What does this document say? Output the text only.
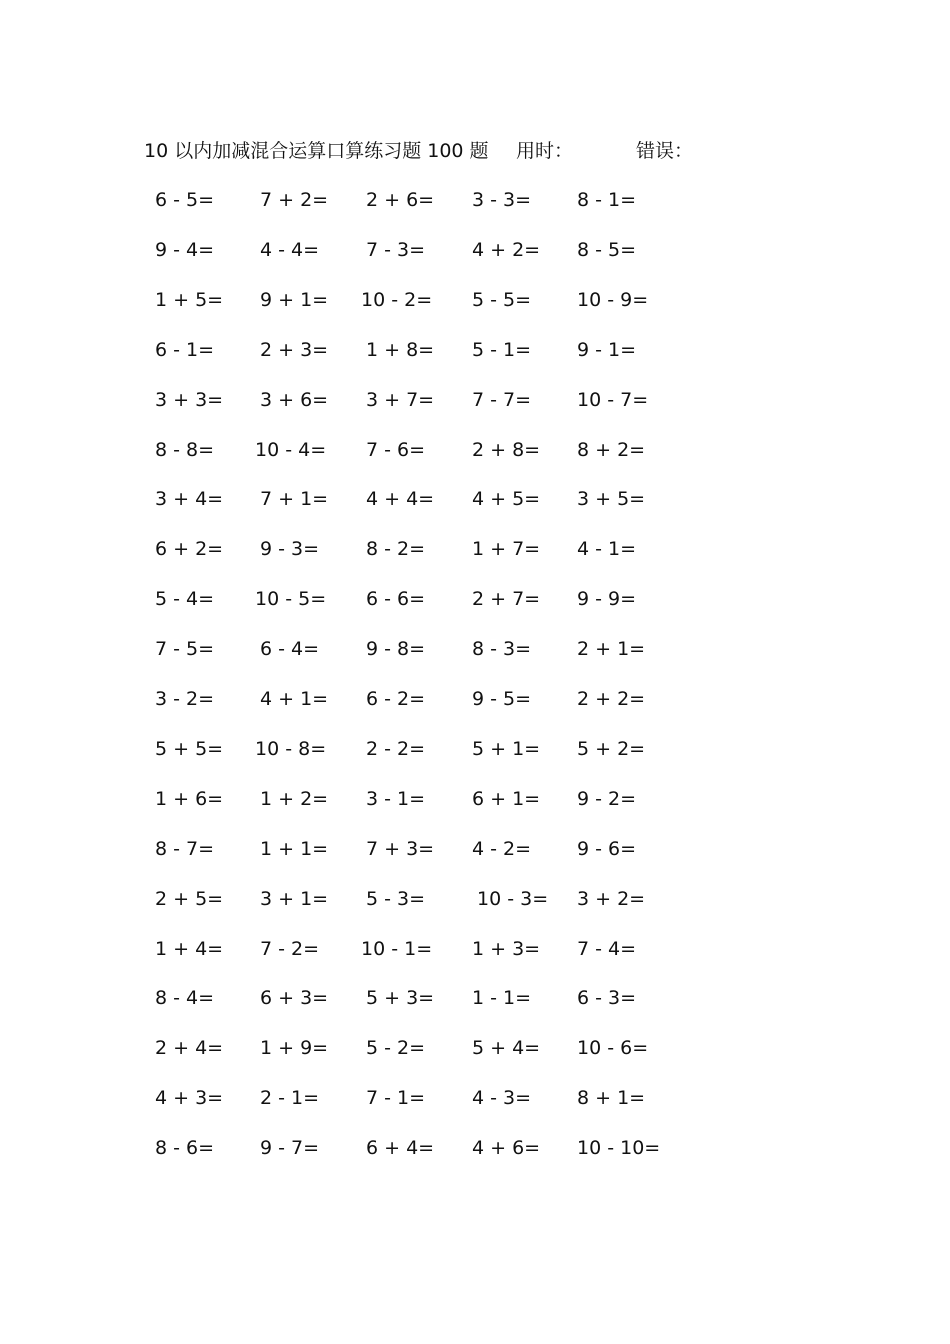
10 以内加减混合运算口算练习题 100 题 用时：	错误：
6 - 5= 7 + 2= 2 + 6= 3 - 3= 8 - 1=
9 - 4= 4 - 4= 7 - 3= 4 + 2= 8 - 5=
1 + 5= 9 + 1= 10 - 2= 5 - 5= 10 - 9=
6 - 1= 2 + 3= 1 + 8= 5 - 1= 9 - 1=
3 + 3= 3 + 6= 3 + 7= 7 - 7= 10 - 7=
8 - 8= 10 - 4= 7 - 6= 2 + 8= 8 + 2=
3 + 4= 7 + 1= 4 + 4= 4 + 5= 3 + 5=
6 + 2= 9 - 3= 8 - 2= 1 + 7= 4 - 1=
5 - 4= 10 - 5= 6 - 6= 2 + 7= 9 - 9=
7 - 5= 6 - 4= 9 - 8= 8 - 3= 2 + 1=
3 - 2= 4 + 1= 6 - 2= 9 - 5= 2 + 2=
5 + 5= 10 - 8= 2 - 2= 5 + 1= 5 + 2=
1 + 6= 1 + 2= 3 - 1= 6 + 1= 9 - 2=
8 - 7= 1 + 1= 7 + 3= 4 - 2= 9 - 6=
2 + 5= 3 + 1= 5 - 3=	10 - 3= 3 + 2=
1 + 4= 7 - 2= 10 - 1= 1 + 3= 7 - 4=
8 - 4= 6 + 3= 5 + 3= 1 - 1= 6 - 3=
2 + 4= 1 + 9= 5 - 2= 5 + 4= 10 - 6=
4 + 3= 2 - 1= 7 - 1= 4 - 3= 8 + 1=
8 - 6= 9 - 7= 6 + 4= 4 + 6= 10 - 10=
